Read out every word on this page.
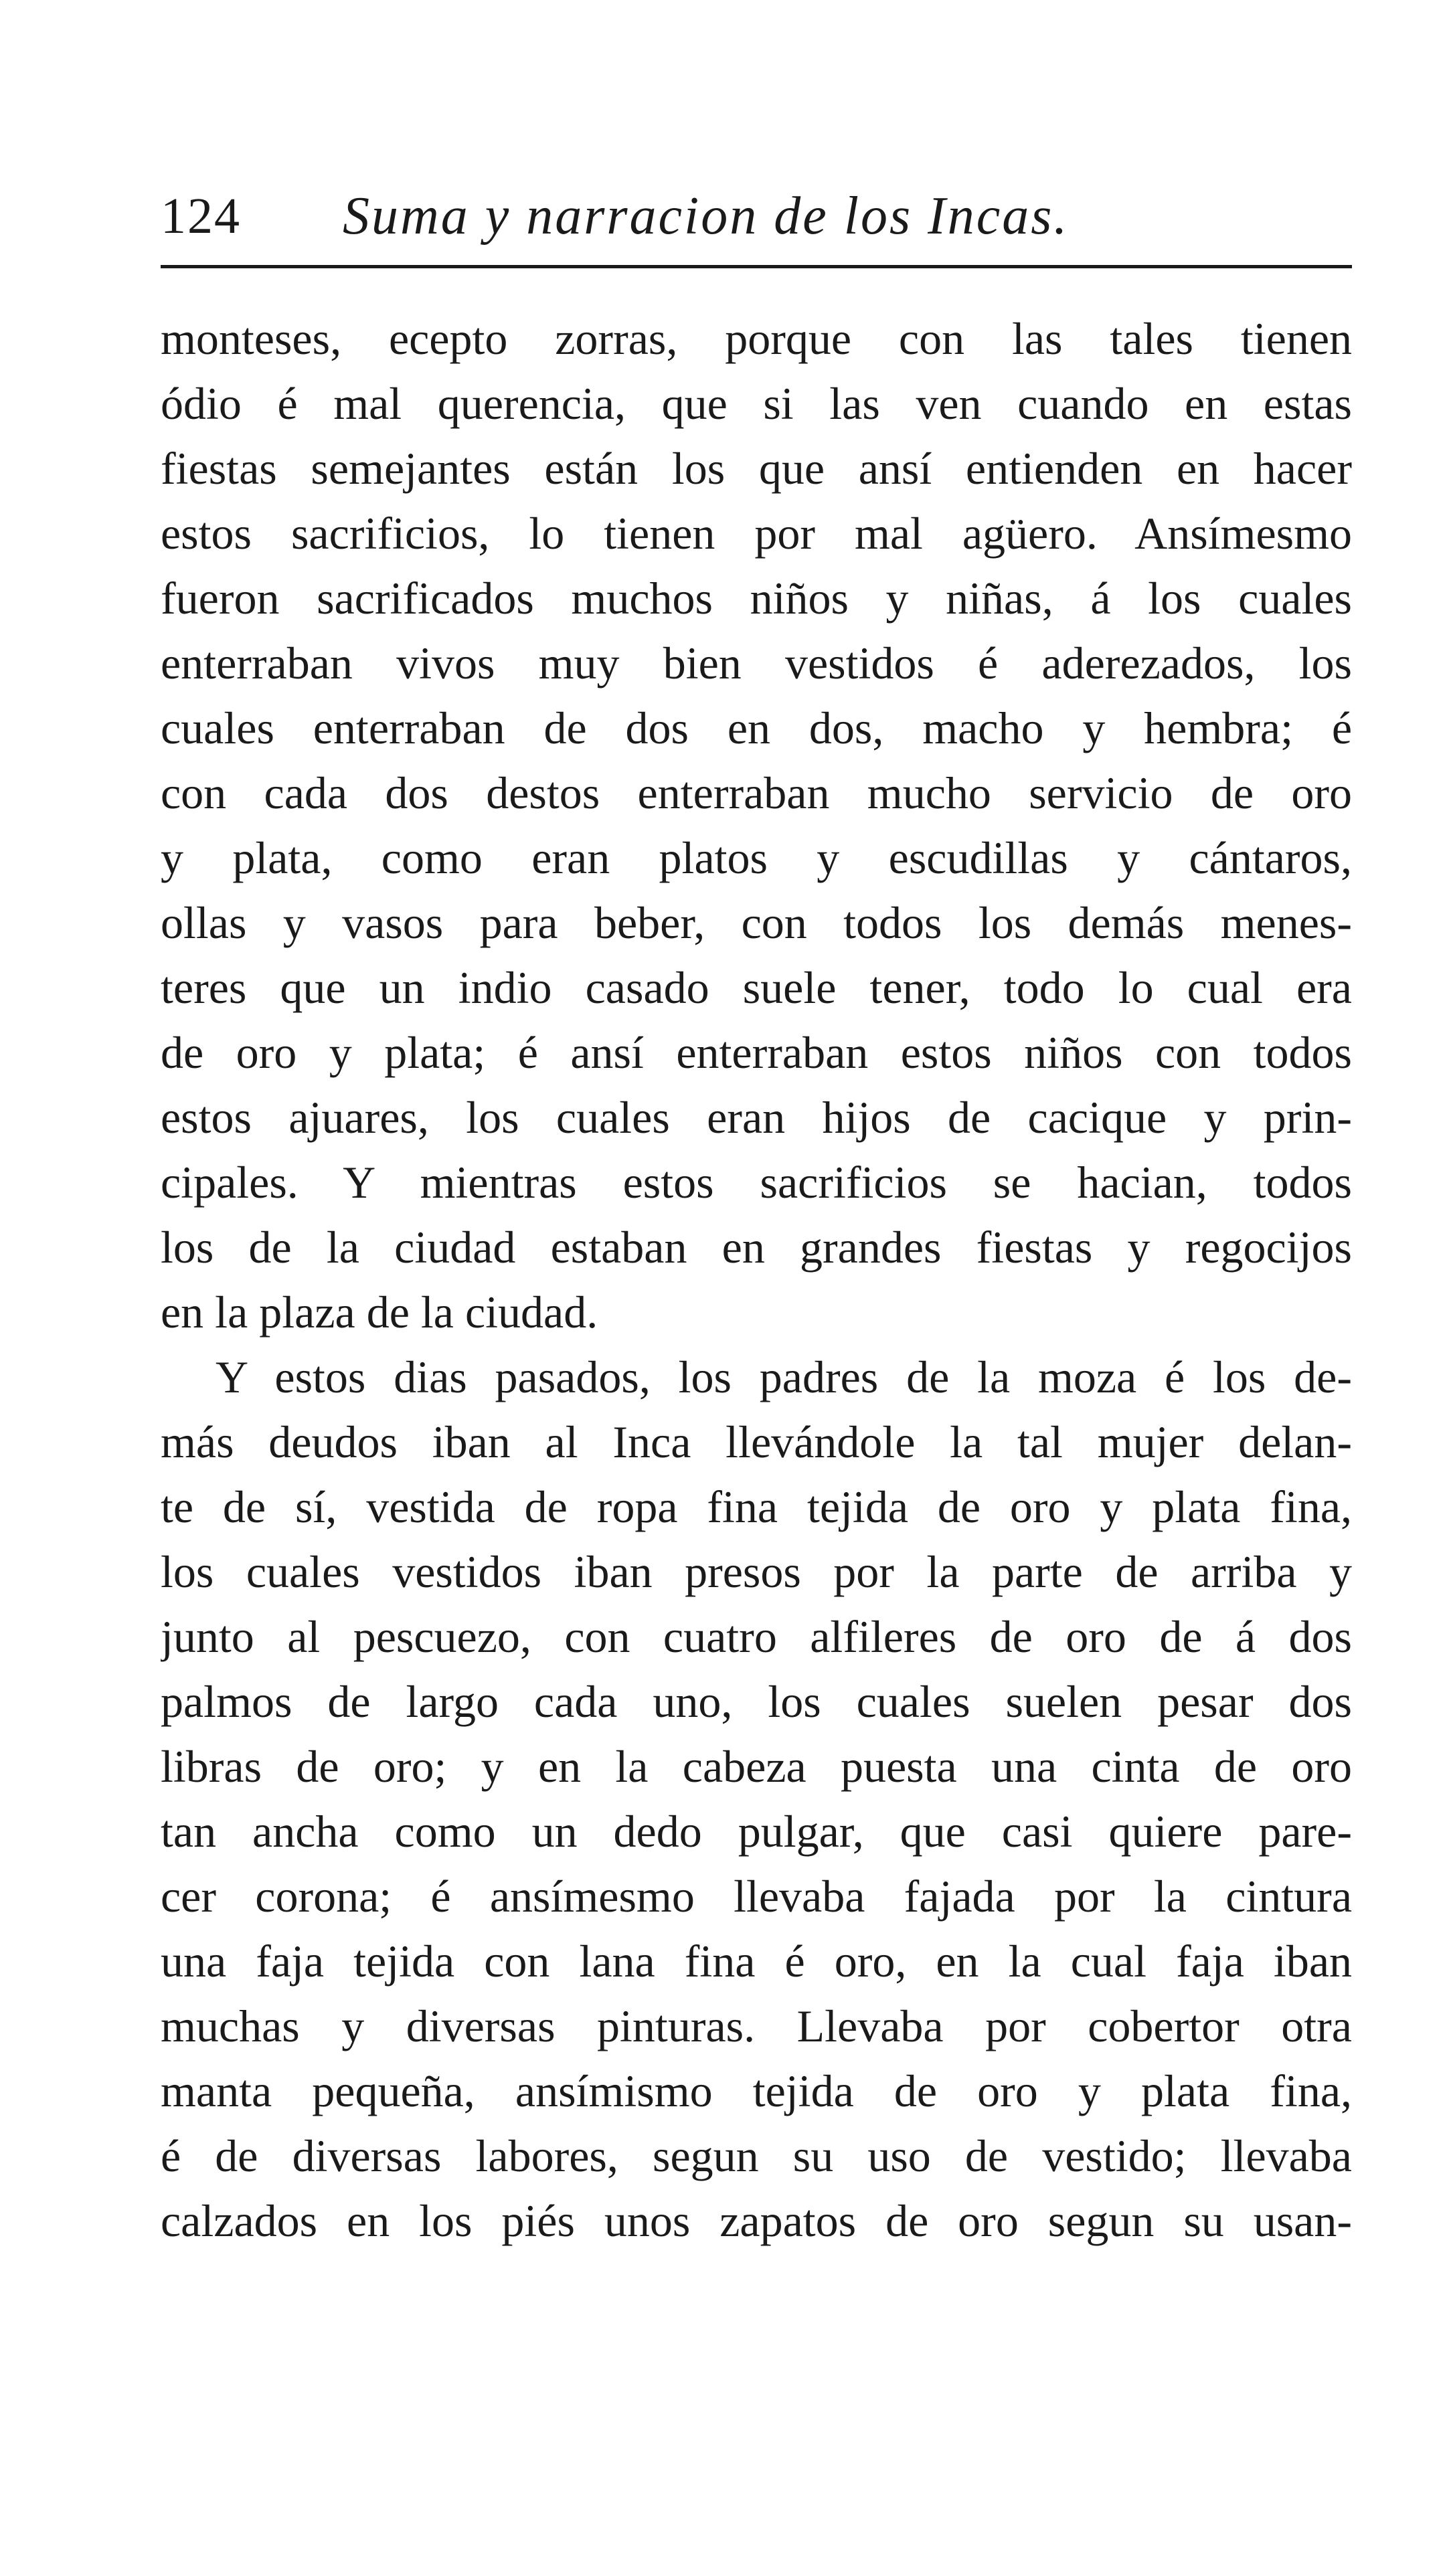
124 Suma y narracion de los Incas.
monteses, ecepto zorras, porque con las tales tienen
ódio é mal querencia, que si las ven cuando en estas
fiestas semejantes están los que ansí entienden en hacer
estos sacrificios, lo tienen por mal agüero. Ansímesmo
fueron sacrificados muchos niños y niñas, á los cuales
enterraban vivos muy bien vestidos é aderezados, los
cuales enterraban de dos en dos, macho y hembra; é
con cada dos destos enterraban mucho servicio de oro
y plata, como eran platos y escudillas y cántaros,
ollas y vasos para beber, con todos los demás menes-
teres que un indio casado suele tener, todo lo cual era
de oro y plata; é ansí enterraban estos niños con todos
estos ajuares, los cuales eran hijos de cacique y prin-
cipales. Y mientras estos sacrificios se hacian, todos
los de la ciudad estaban en grandes fiestas y regocijos
en la plaza de la ciudad.
Y estos dias pasados, los padres de la moza é los de-
más deudos iban al Inca llevándole la tal mujer delan-
te de sí, vestida de ropa fina tejida de oro y plata fina,
los cuales vestidos iban presos por la parte de arriba y
junto al pescuezo, con cuatro alfileres de oro de á dos
palmos de largo cada uno, los cuales suelen pesar dos
libras de oro; y en la cabeza puesta una cinta de oro
tan ancha como un dedo pulgar, que casi quiere pare-
cer corona; é ansímesmo llevaba fajada por la cintura
una faja tejida con lana fina é oro, en la cual faja iban
muchas y diversas pinturas. Llevaba por cobertor otra
manta pequeña, ansímismo tejida de oro y plata fina,
é de diversas labores, segun su uso de vestido; llevaba
calzados en los piés unos zapatos de oro segun su usan-
